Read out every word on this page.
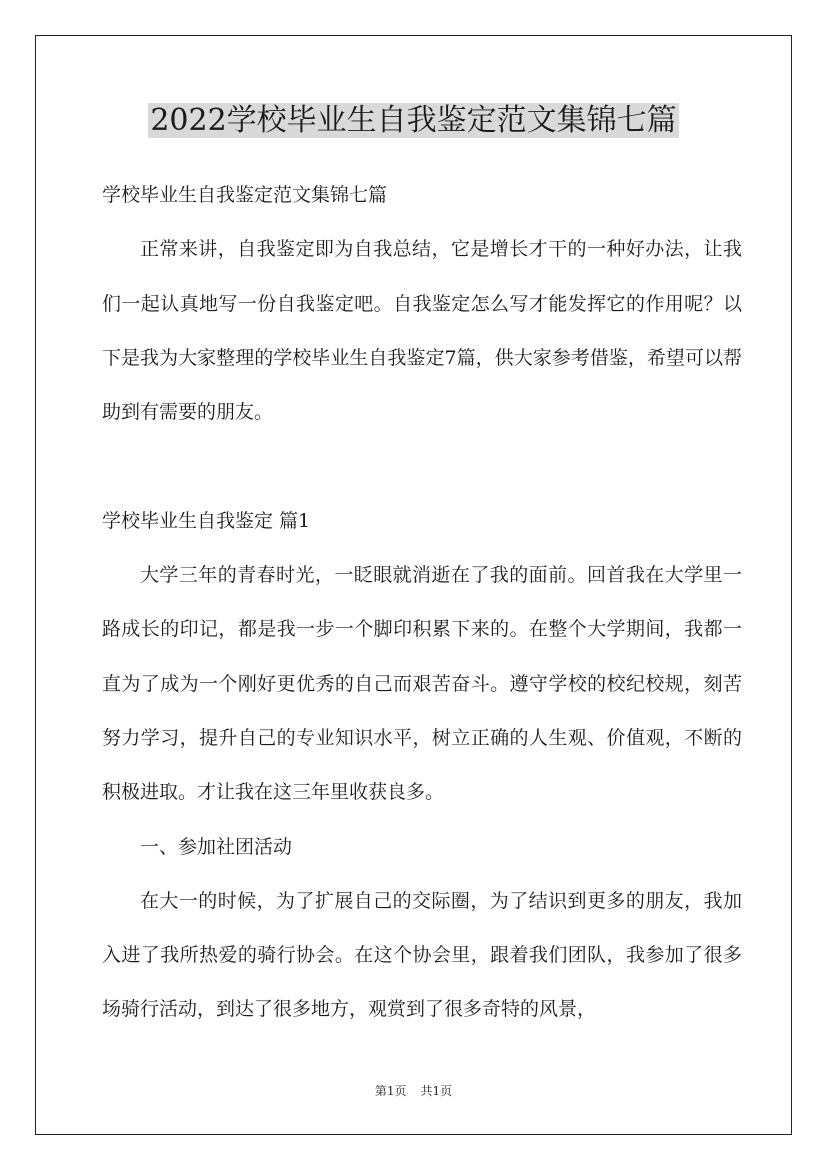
2022学校毕业生自我鉴定范文集锦七篇

学校毕业生自我鉴定范文集锦七篇

正常来讲，自我鉴定即为自我总结，它是增长才干的一种好办法，让我们一起认真地写一份自我鉴定吧。自我鉴定怎么写才能发挥它的作用呢？以下是我为大家整理的学校毕业生自我鉴定7篇，供大家参考借鉴，希望可以帮助到有需要的朋友。

学校毕业生自我鉴定 篇1

大学三年的青春时光，一眨眼就消逝在了我的面前。回首我在大学里一路成长的印记，都是我一步一个脚印积累下来的。在整个大学期间，我都一直为了成为一个刚好更优秀的自己而艰苦奋斗。遵守学校的校纪校规，刻苦努力学习，提升自己的专业知识水平，树立正确的人生观、价值观，不断的积极进取。才让我在这三年里收获良多。

一、参加社团活动

在大一的时候，为了扩展自己的交际圈，为了结识到更多的朋友，我加入进了我所热爱的骑行协会。在这个协会里，跟着我们团队，我参加了很多场骑行活动，到达了很多地方，观赏到了很多奇特的风景，

第1页 共1页
